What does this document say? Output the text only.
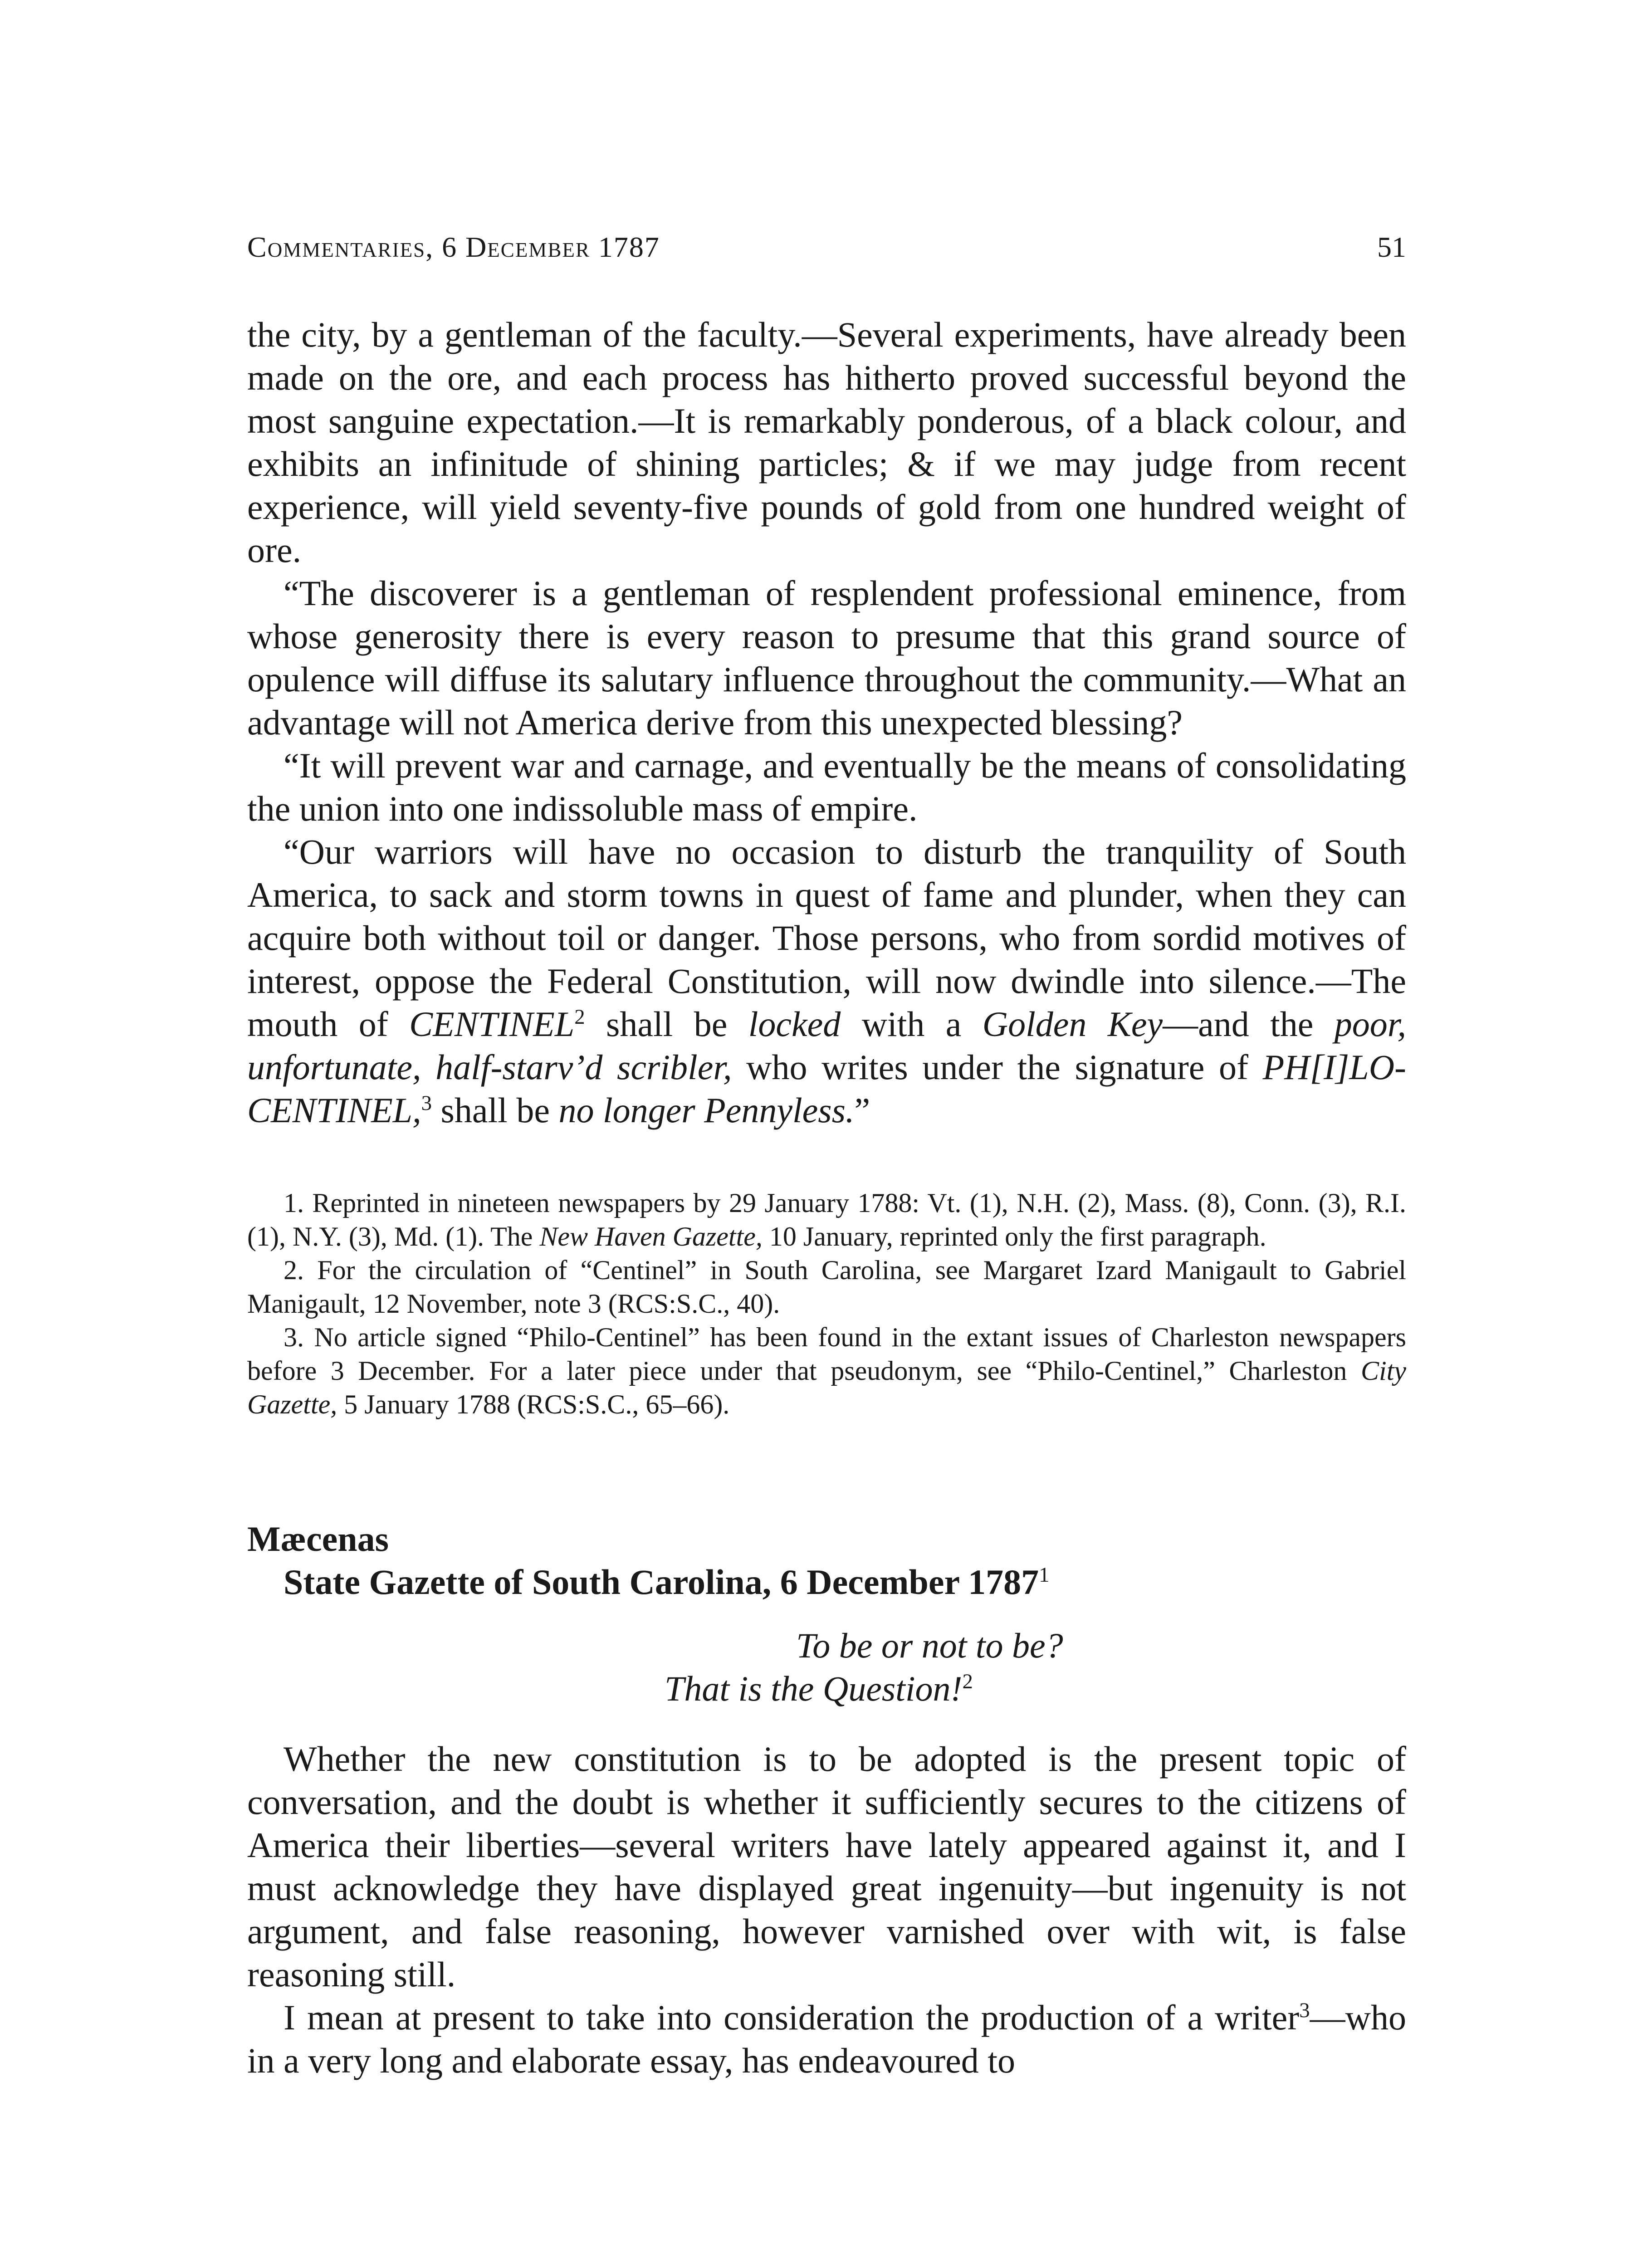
Commentaries, 6 December 1787	51

the city, by a gentleman of the faculty.—Several experiments, have already been made on the ore, and each process has hitherto proved successful beyond the most sanguine expectation.—It is remarkably ponderous, of a black colour, and exhibits an infinitude of shining particles; & if we may judge from recent experience, will yield seventy-five pounds of gold from one hundred weight of ore.

“The discoverer is a gentleman of resplendent professional eminence, from whose generosity there is every reason to presume that this grand source of opulence will diffuse its salutary influence throughout the community.—What an advantage will not America derive from this unexpected blessing?

“It will prevent war and carnage, and eventually be the means of consolidating the union into one indissoluble mass of empire.

“Our warriors will have no occasion to disturb the tranquility of South America, to sack and storm towns in quest of fame and plunder, when they can acquire both without toil or danger. Those persons, who from sordid motives of interest, oppose the Federal Constitution, will now dwindle into silence.—The mouth of CENTINEL$^2$ shall be locked with a Golden Key—and the poor, unfortunate, half-starv’d scribler, who writes under the signature of PH[I]LO-CENTINEL,$^3$ shall be no longer Pennyless.”

1. Reprinted in nineteen newspapers by 29 January 1788: Vt. (1), N.H. (2), Mass. (8), Conn. (3), R.I. (1), N.Y. (3), Md. (1). The New Haven Gazette, 10 January, reprinted only the first paragraph.

2. For the circulation of “Centinel” in South Carolina, see Margaret Izard Manigault to Gabriel Manigault, 12 November, note 3 (RCS:S.C., 40).

3. No article signed “Philo-Centinel” has been found in the extant issues of Charleston newspapers before 3 December. For a later piece under that pseudonym, see “Philo-Centinel,” Charleston City Gazette, 5 January 1788 (RCS:S.C., 65–66).

Mæcenas
State Gazette of South Carolina, 6 December 1787$^1$
To be or not to be?
That is the Question!$^2$

Whether the new constitution is to be adopted is the present topic of conversation, and the doubt is whether it sufficiently secures to the citizens of America their liberties—several writers have lately appeared against it, and I must acknowledge they have displayed great ingenuity—but ingenuity is not argument, and false reasoning, however varnished over with wit, is false reasoning still.

I mean at present to take into consideration the production of a writer$^3$—who in a very long and elaborate essay, has endeavoured to
